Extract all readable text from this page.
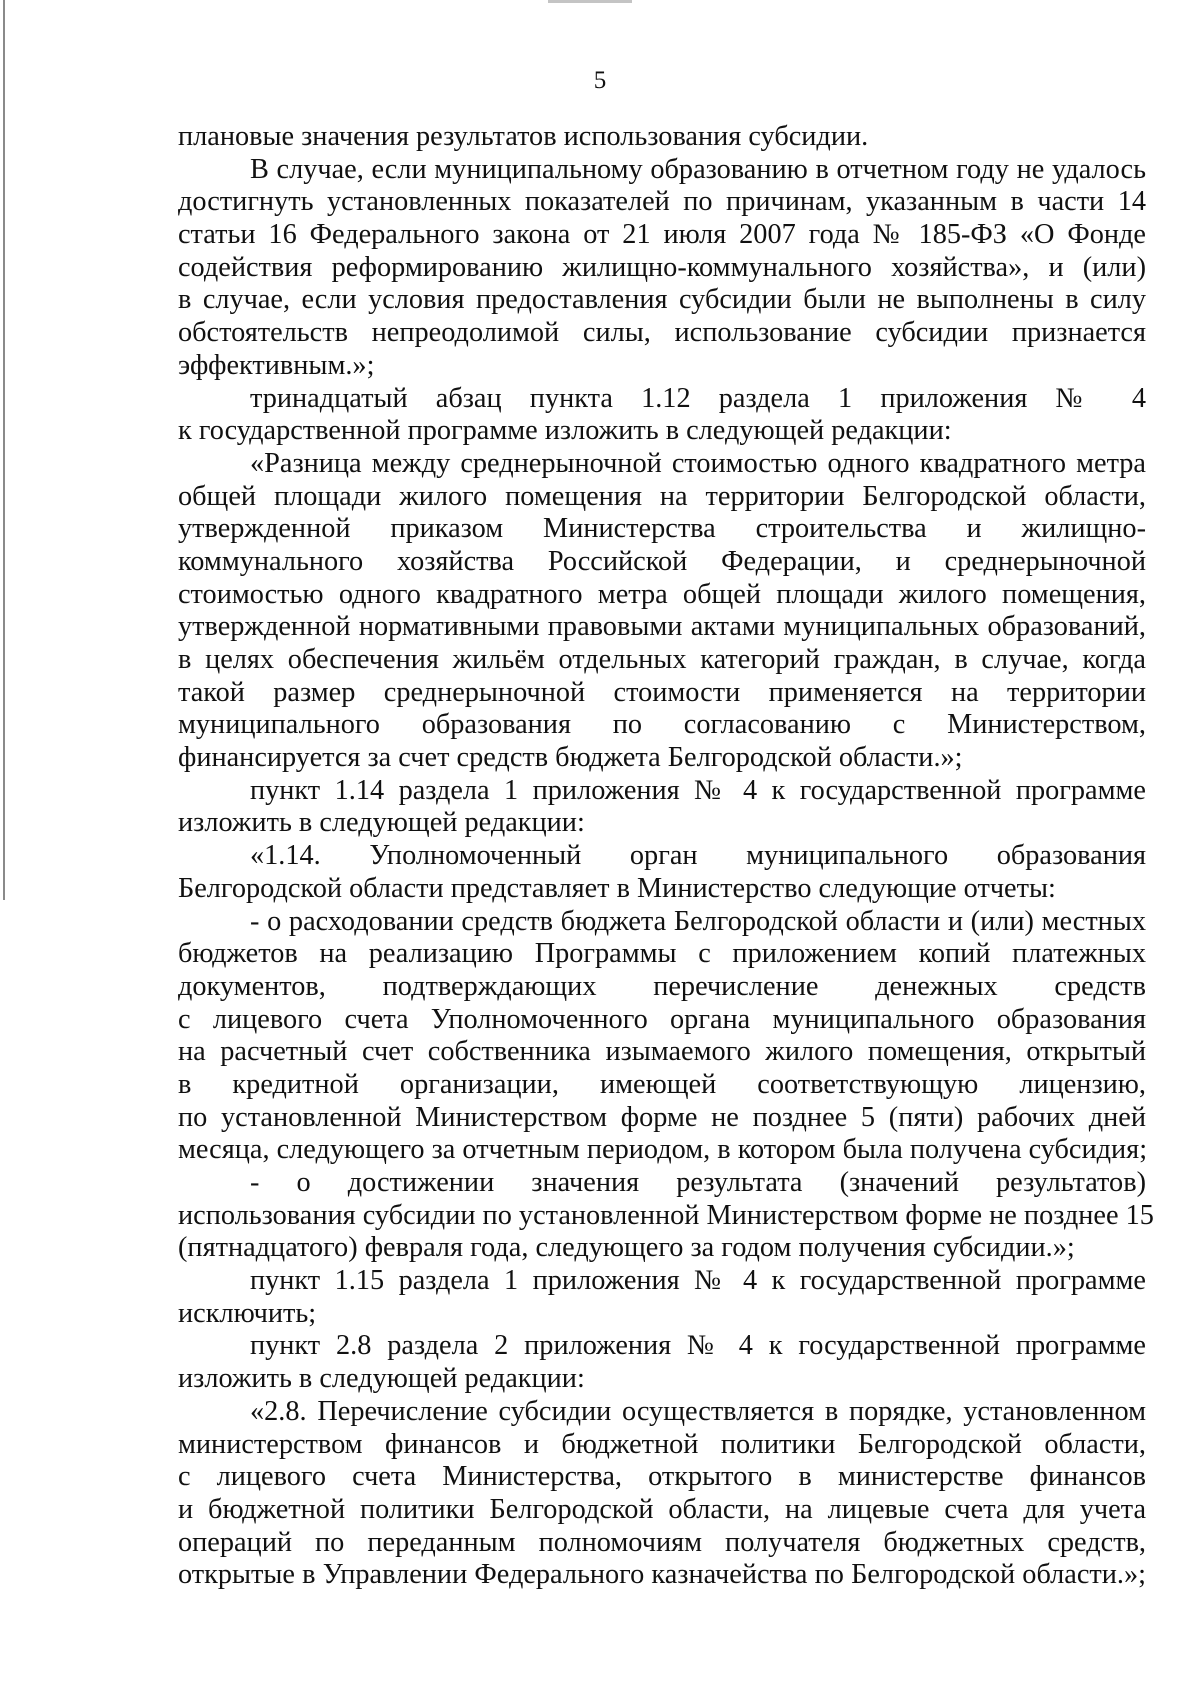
5
плановые значения результатов использования субсидии.
В случае, если муниципальному образованию в отчетном году не удалось
достигнуть установленных показателей по причинам, указанным в части 14
статьи 16 Федерального закона от 21 июля 2007 года № 185-ФЗ «О Фонде
содействия реформированию жилищно-коммунального хозяйства», и (или)
в случае, если условия предоставления субсидии были не выполнены в силу
обстоятельств непреодолимой силы, использование субсидии признается
эффективным.»;
тринадцатый абзац пункта 1.12 раздела 1 приложения № 4
к государственной программе изложить в следующей редакции:
«Разница между среднерыночной стоимостью одного квадратного метра
общей площади жилого помещения на территории Белгородской области,
утвержденной приказом Министерства строительства и жилищно-
коммунального хозяйства Российской Федерации, и среднерыночной
стоимостью одного квадратного метра общей площади жилого помещения,
утвержденной нормативными правовыми актами муниципальных образований,
в целях обеспечения жильём отдельных категорий граждан, в случае, когда
такой размер среднерыночной стоимости применяется на территории
муниципального образования по согласованию с Министерством,
финансируется за счет средств бюджета Белгородской области.»;
пункт 1.14 раздела 1 приложения № 4 к государственной программе
изложить в следующей редакции:
«1.14. Уполномоченный орган муниципального образования
Белгородской области представляет в Министерство следующие отчеты:
- о расходовании средств бюджета Белгородской области и (или) местных
бюджетов на реализацию Программы с приложением копий платежных
документов, подтверждающих перечисление денежных средств
с лицевого счета Уполномоченного органа муниципального образования
на расчетный счет собственника изымаемого жилого помещения, открытый
в кредитной организации, имеющей соответствующую лицензию,
по установленной Министерством форме не позднее 5 (пяти) рабочих дней
месяца, следующего за отчетным периодом, в котором была получена субсидия;
- о достижении значения результата (значений результатов)
использования субсидии по установленной Министерством форме не позднее 15
(пятнадцатого) февраля года, следующего за годом получения субсидии.»;
пункт 1.15 раздела 1 приложения № 4 к государственной программе
исключить;
пункт 2.8 раздела 2 приложения № 4 к государственной программе
изложить в следующей редакции:
«2.8. Перечисление субсидии осуществляется в порядке, установленном
министерством финансов и бюджетной политики Белгородской области,
с лицевого счета Министерства, открытого в министерстве финансов
и бюджетной политики Белгородской области, на лицевые счета для учета
операций по переданным полномочиям получателя бюджетных средств,
открытые в Управлении Федерального казначейства по Белгородской области.»;
